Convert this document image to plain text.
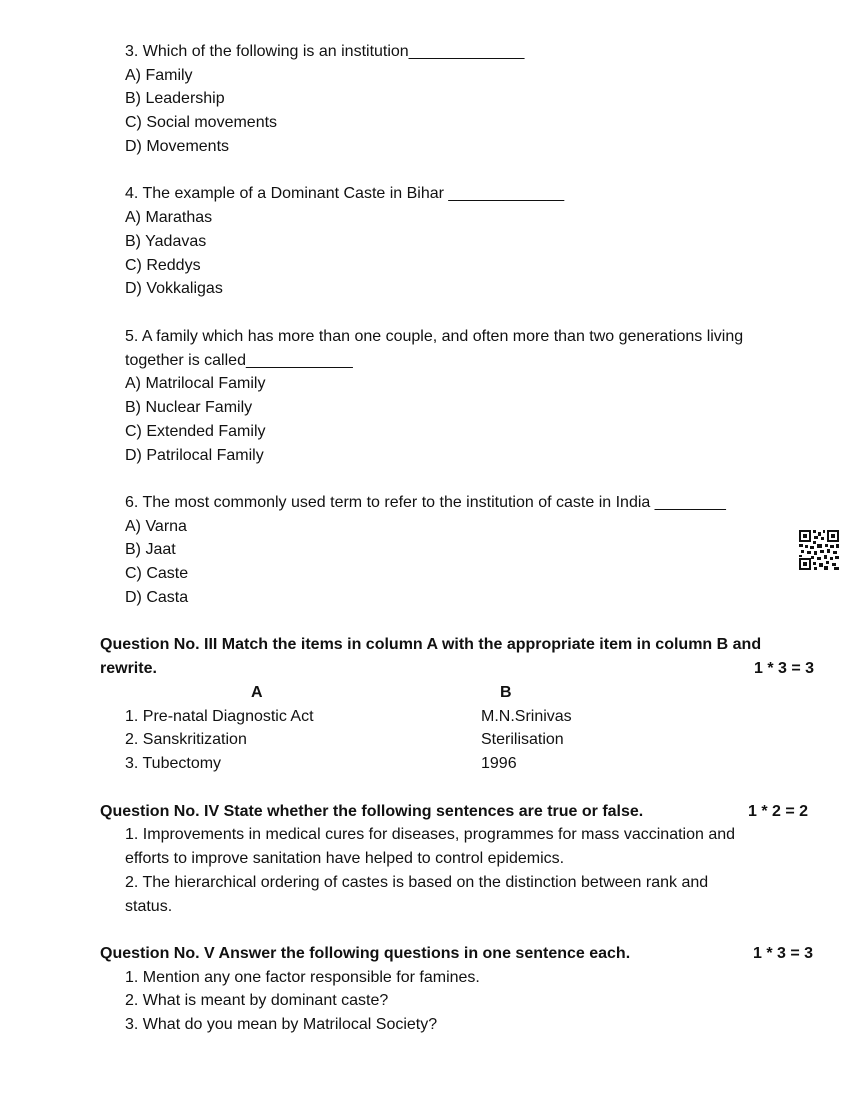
3. Which of the following is an institution_____________
A) Family
B) Leadership
C) Social movements
D) Movements
4. The example of a Dominant Caste in Bihar _____________
A) Marathas
B) Yadavas
C) Reddys
D) Vokkaligas
5. A family which has more than one couple, and often more than two generations living
together is called____________
A) Matrilocal Family
B) Nuclear Family
C) Extended Family
D) Patrilocal Family
6. The most commonly used term to refer to the institution of caste in India ________
A) Varna
B) Jaat
C) Caste
D) Casta
Question No. III Match the items in column A with the appropriate item in column B and
rewrite.	1 * 3 = 3
A	B
1. Pre-natal Diagnostic Act	M.N.Srinivas
2. Sanskritization	Sterilisation
3. Tubectomy	1996
Question No. IV State whether the following sentences are true or false.	1 * 2 = 2
1. Improvements in medical cures for diseases, programmes for mass vaccination and
efforts to improve sanitation have helped to control epidemics.
2. The hierarchical ordering of castes is based on the distinction between rank and
status.
Question No. V Answer the following questions in one sentence each.	1 * 3 = 3
1. Mention any one factor responsible for famines.
2. What is meant by dominant caste?
3. What do you mean by Matrilocal Society?
